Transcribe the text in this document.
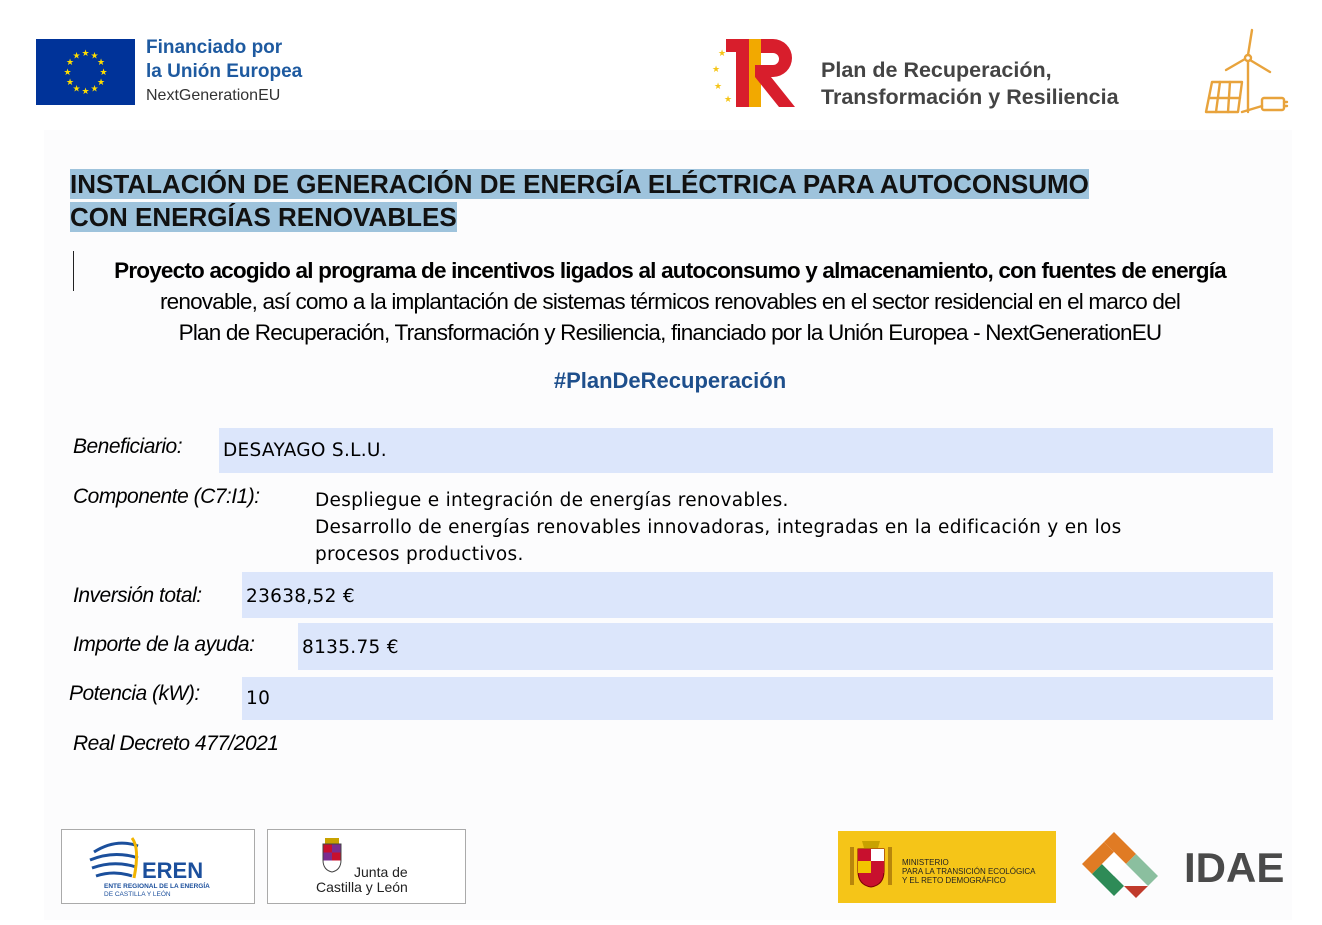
★ ★
★
★
★
★
★
★
★
★
★
★	Financiado por
la Unión Europea
NextGenerationEU
★
★
★
★
Plan de Recuperación,
Transformación y Resiliencia
INSTALACIÓN DE GENERACIÓN DE ENERGÍA ELÉCTRICA PARA AUTOCONSUMO
CON ENERGÍAS RENOVABLES
Proyecto acogido al programa de incentivos ligados al autoconsumo y almacenamiento, con fuentes de energía
renovable, así como a la implantación de sistemas térmicos renovables en el sector residencial en el marco del
Plan de Recuperación, Transformación y Resiliencia, financiado por la Unión Europea - NextGenerationEU
#PlanDeRecuperación
Beneficiario: DESAYAGO S.L.U.
Componente (C7:I1):	Despliegue e integración de energías renovables.
Desarrollo de energías renovables innovadoras, integradas en la edificación y en los
procesos productivos.
Inversión total: 23638,52 €
Importe de la ayuda:	8135.75 €
Potencia (kW):	10
Real Decreto 477/2021
EREN
ENTE REGIONAL DE LA ENERGÍA
DE CASTILLA Y LEÓN
Junta de
Castilla y León
MINISTERIO
PARA LA TRANSICIÓN ECOLÓGICA
Y EL RETO DEMOGRÁFICO	IDAE
